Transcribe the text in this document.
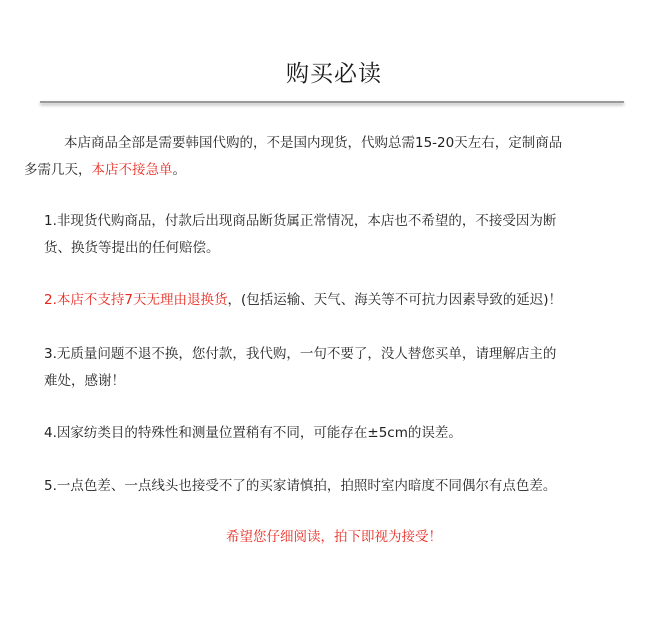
购买必读
本店商品全部是需要韩国代购的，不是国内现货，代购总需15-20天左右，定制商品
多需几天，本店不接急单。
1.非现货代购商品，付款后出现商品断货属正常情况，本店也不希望的，不接受因为断
货、换货等提出的任何赔偿。
2.本店不支持7天无理由退换货，(包括运输、天气、海关等不可抗力因素导致的延迟)！
3.无质量问题不退不换，您付款，我代购，一句不要了，没人替您买单，请理解店主的
难处，感谢！
4.因家纺类目的特殊性和测量位置稍有不同，可能存在±5cm的误差。
5.一点色差、一点线头也接受不了的买家请慎拍，拍照时室内暗度不同偶尔有点色差。
希望您仔细阅读，拍下即视为接受！
